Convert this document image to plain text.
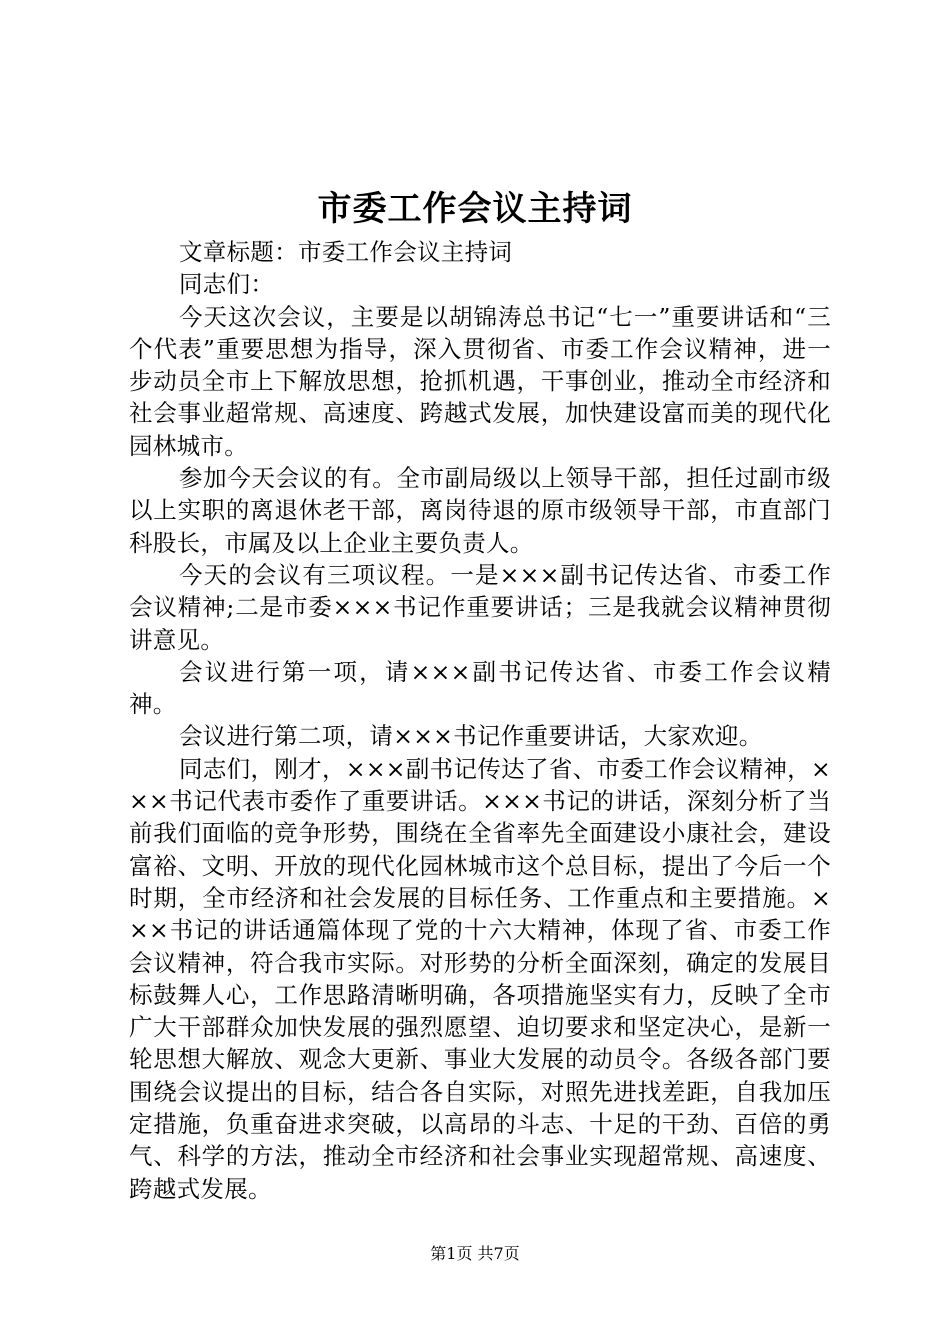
市委工作会议主持词

文章标题：市委工作会议主持词

同志们：

今天这次会议，主要是以胡锦涛总书记“七一”重要讲话和“三个代表”重要思想为指导，深入贯彻省、市委工作会议精神，进一步动员全市上下解放思想，抢抓机遇，干事创业，推动全市经济和社会事业超常规、高速度、跨越式发展，加快建设富而美的现代化园林城市。

参加今天会议的有。全市副局级以上领导干部，担任过副市级以上实职的离退休老干部，离岗待退的原市级领导干部，市直部门科股长，市属及以上企业主要负责人。

今天的会议有三项议程。一是×××副书记传达省、市委工作会议精神;二是市委×××书记作重要讲话；三是我就会议精神贯彻讲意见。

会议进行第一项，请×××副书记传达省、市委工作会议精神。

会议进行第二项，请×××书记作重要讲话，大家欢迎。

同志们，刚才，×××副书记传达了省、市委工作会议精神，×××书记代表市委作了重要讲话。×××书记的讲话，深刻分析了当前我们面临的竞争形势，围绕在全省率先全面建设小康社会，建设富裕、文明、开放的现代化园林城市这个总目标，提出了今后一个时期，全市经济和社会发展的目标任务、工作重点和主要措施。×××书记的讲话通篇体现了党的十六大精神，体现了省、市委工作会议精神，符合我市实际。对形势的分析全面深刻，确定的发展目标鼓舞人心，工作思路清晰明确，各项措施坚实有力，反映了全市广大干部群众加快发展的强烈愿望、迫切要求和坚定决心，是新一轮思想大解放、观念大更新、事业大发展的动员令。各级各部门要围绕会议提出的目标，结合各自实际，对照先进找差距，自我加压定措施，负重奋进求突破，以高昂的斗志、十足的干劲、百倍的勇气、科学的方法，推动全市经济和社会事业实现超常规、高速度、跨越式发展。

第1页 共7页
